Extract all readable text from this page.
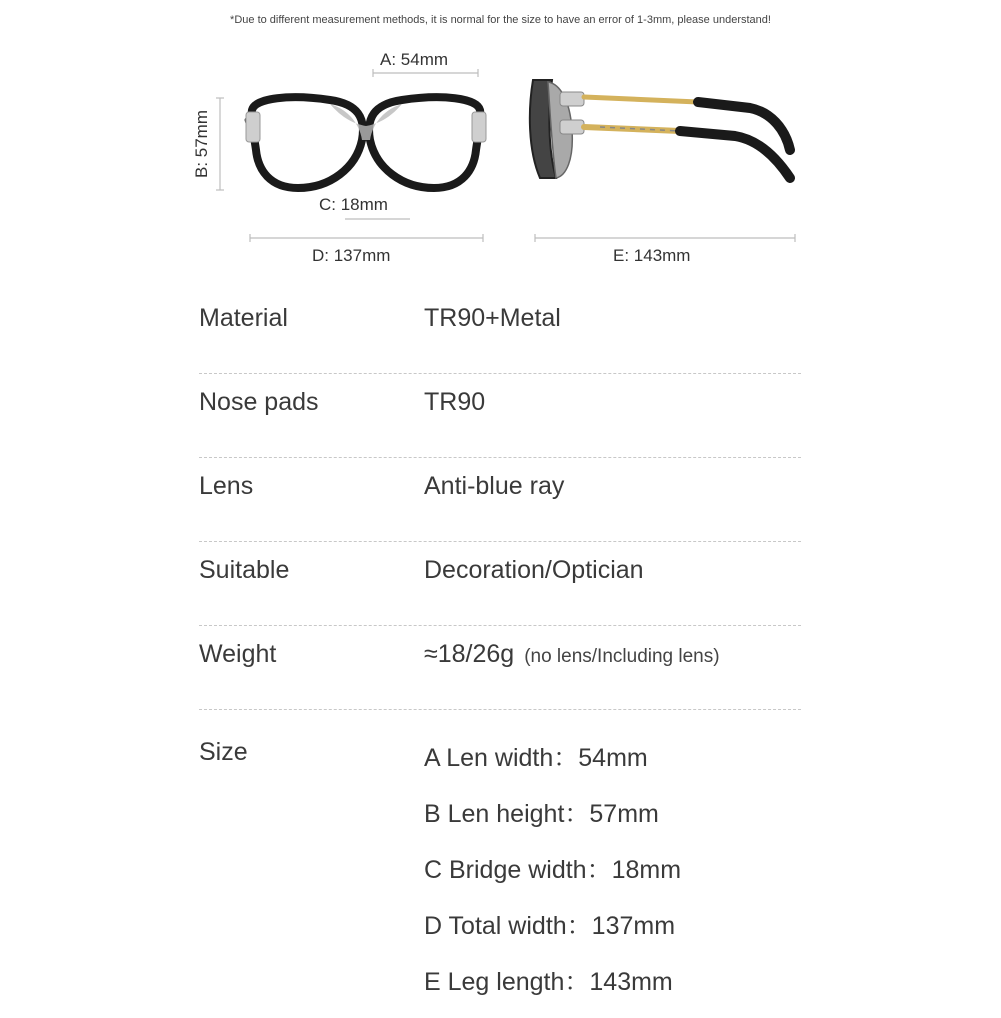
*Due to different measurement methods, it is normal for the size to have an error of 1-3mm, please understand!
A: 54mm
B: 57mm
C: 18mm
D: 137mm	E: 143mm
Material	TR90+Metal
Nose pads	TR90
Lens	Anti-blue ray
Suitable	Decoration/Optician
Weight	≈18/26g (no lens/Including lens)
Size	A Len width：54mm
B Len height：57mm
C Bridge width：18mm
D Total width：137mm
E Leg length：143mm
